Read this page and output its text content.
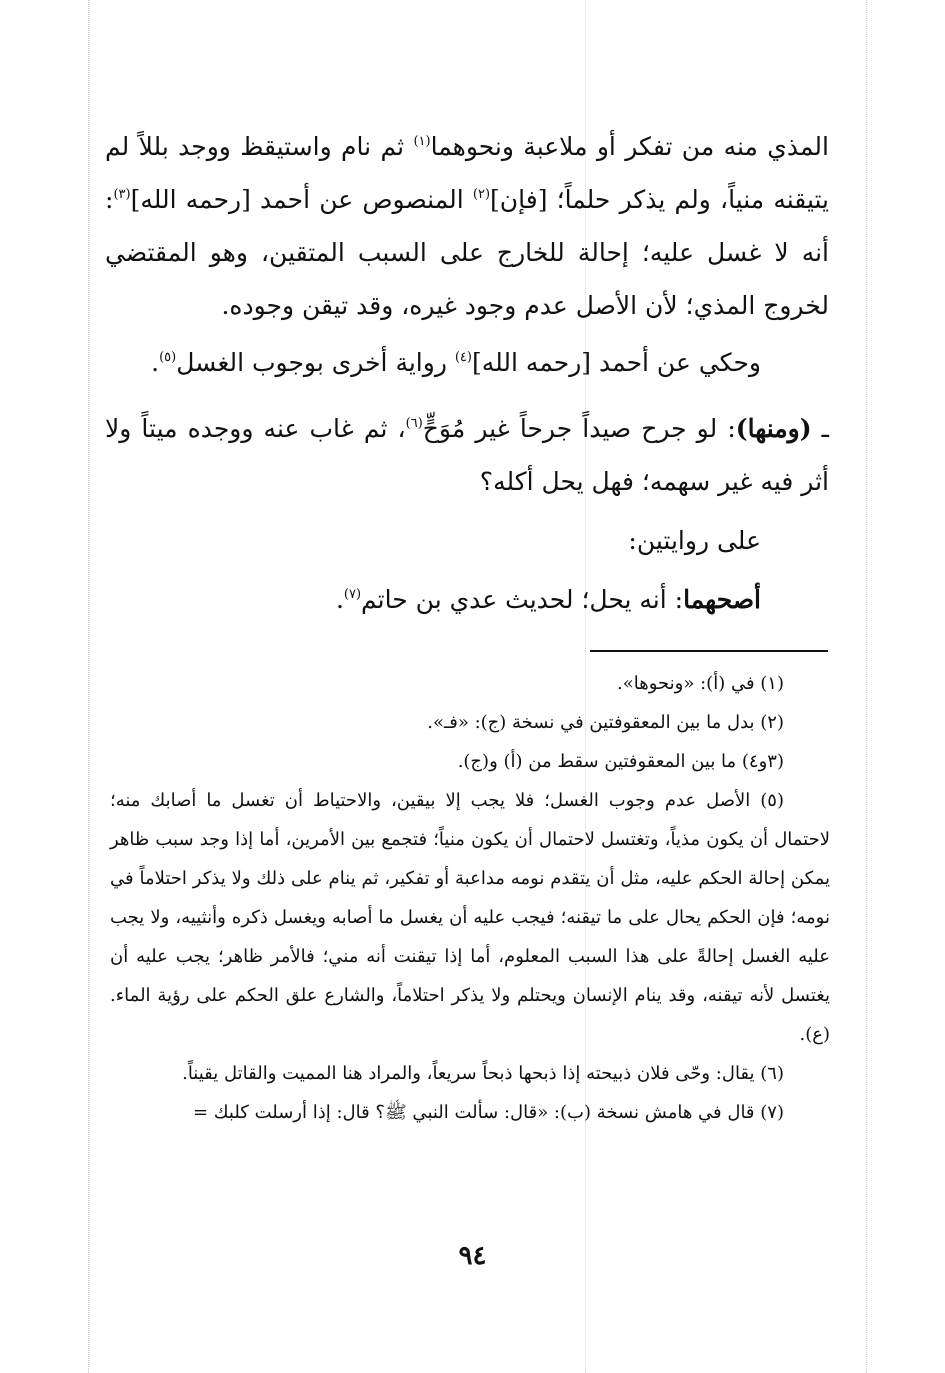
المذي منه من تفكر أو ملاعبة ونحوهما$^{(١)}$ ثم نام واستيقظ ووجد بللاً لم يتيقنه منياً، ولم يذكر حلماً؛ [فإن]$^{(٢)}$ المنصوص عن أحمد [رحمه الله]$^{(٣)}$: أنه لا غسل عليه؛ إحالة للخارج على السبب المتقين، وهو المقتضي لخروج المذي؛ لأن الأصل عدم وجود غيره، وقد تيقن وجوده.

وحكي عن أحمد [رحمه الله]$^{(٤)}$ رواية أخرى بوجوب الغسل$^{(٥)}$.

ـ (ومنها): لو جرح صيداً جرحاً غير مُوَحٍّ$^{(٦)}$، ثم غاب عنه ووجده ميتاً ولا أثر فيه غير سهمه؛ فهل يحل أكله؟

على روايتين:

أصحهما: أنه يحل؛ لحديث عدي بن حاتم$^{(٧)}$.

(١) في (أ): «ونحوها».

(٢) بدل ما بين المعقوفتين في نسخة (ج): «فـ».

(٣و٤) ما بين المعقوفتين سقط من (أ) و(ج).

(٥) الأصل عدم وجوب الغسل؛ فلا يجب إلا بيقين، والاحتياط أن تغسل ما أصابك منه؛ لاحتمال أن يكون مذياً، وتغتسل لاحتمال أن يكون منياً؛ فتجمع بين الأمرين، أما إذا وجد سبب ظاهر يمكن إحالة الحكم عليه، مثل أن يتقدم نومه مداعبة أو تفكير، ثم ينام على ذلك ولا يذكر احتلاماً في نومه؛ فإن الحكم يحال على ما تيقنه؛ فيجب عليه أن يغسل ما أصابه ويغسل ذكره وأنثييه، ولا يجب عليه الغسل إحالةً على هذا السبب المعلوم، أما إذا تيقنت أنه مني؛ فالأمر ظاهر؛ يجب عليه أن يغتسل لأنه تيقنه، وقد ينام الإنسان ويحتلم ولا يذكر احتلاماً، والشارع علق الحكم على رؤية الماء. (ع).

(٦) يقال: وحّى فلان ذبيحته إذا ذبحها ذبحاً سريعاً، والمراد هنا المميت والقاتل يقيناً.

(٧) قال في هامش نسخة (ب): «قال: سألت النبي ﷺ؟ قال: إذا أرسلت كلبك =

٩٤
